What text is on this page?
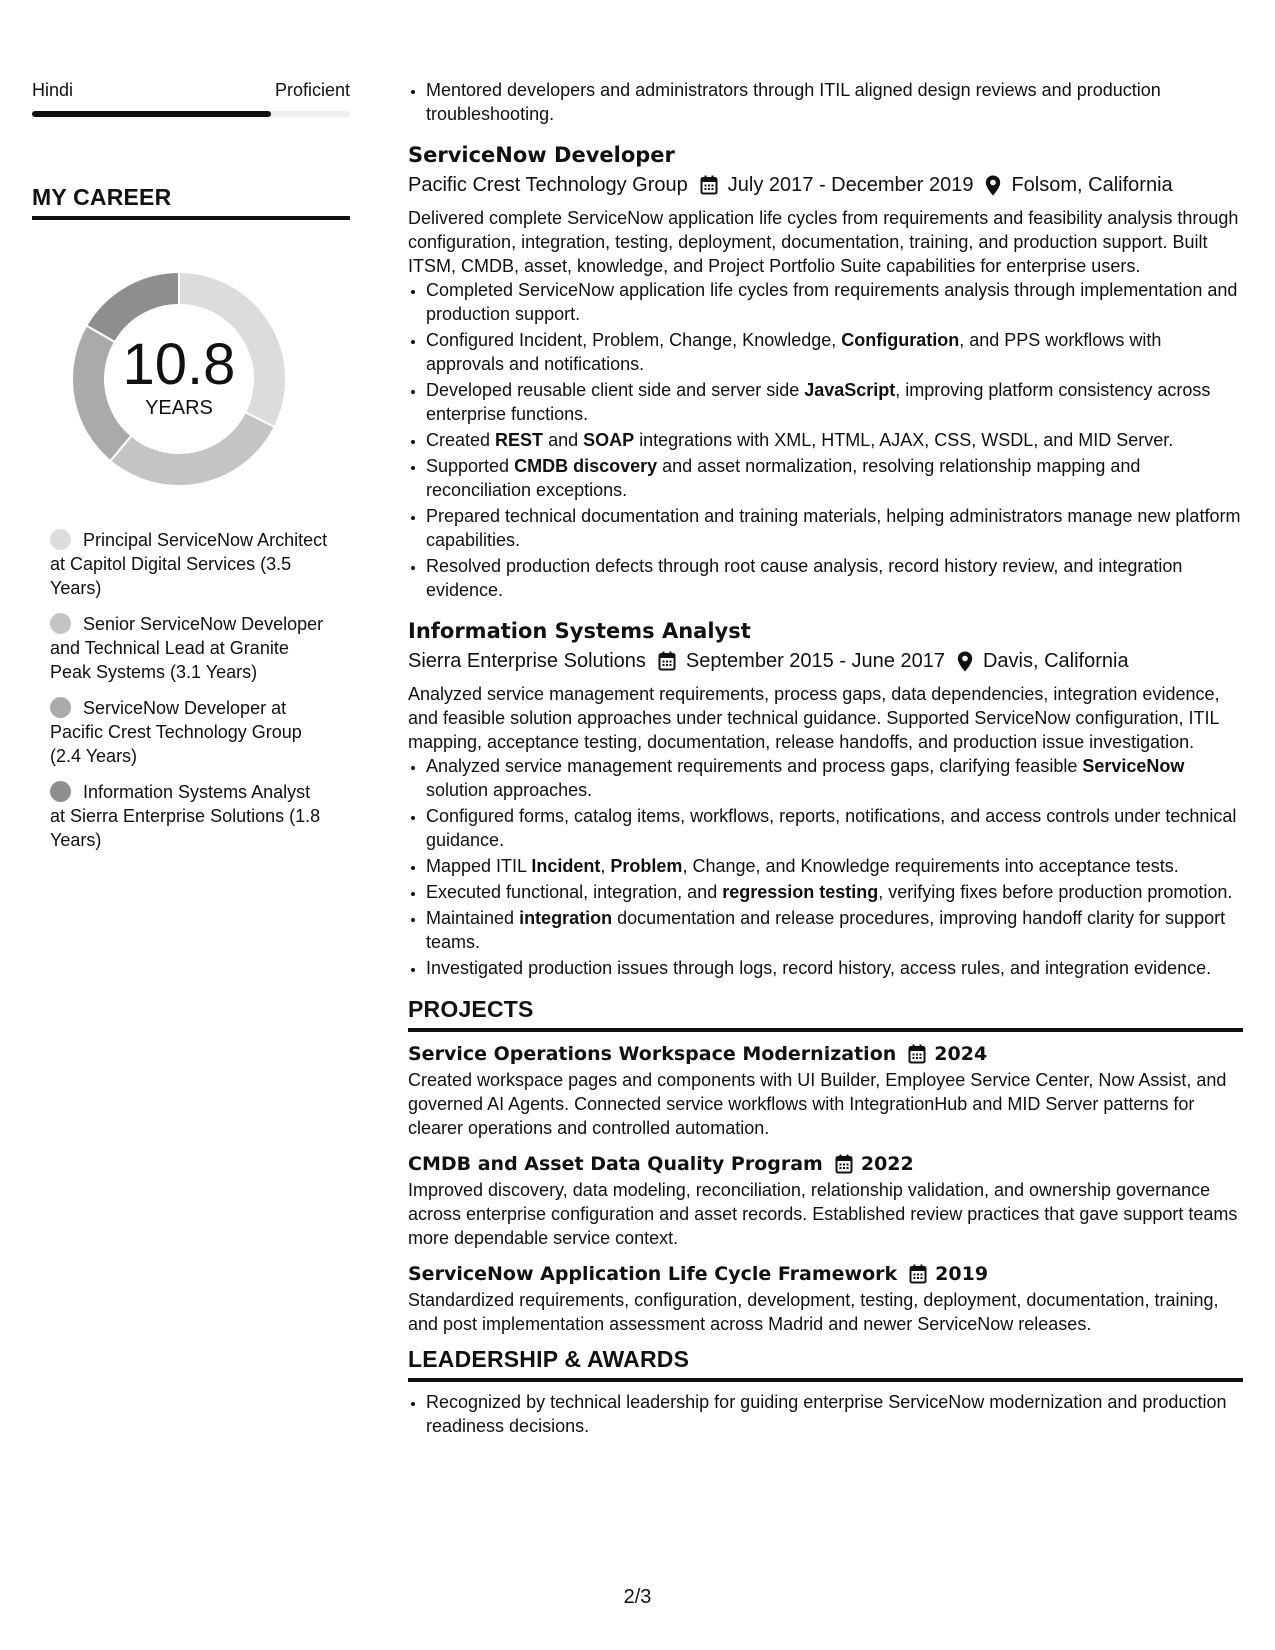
Hindi	Proficient
MY CAREER
10.8
YEARS
Principal ServiceNow Architect at Capitol Digital Services (3.5 Years)
Senior ServiceNow Developer and Technical Lead at Granite Peak Systems (3.1 Years)
ServiceNow Developer at Pacific Crest Technology Group (2.4 Years)
Information Systems Analyst at Sierra Enterprise Solutions (1.8 Years)
• Mentored developers and administrators through ITIL aligned design reviews and production troubleshooting.
ServiceNow Developer
Pacific Crest Technology Group July 2017 - December 2019 Folsom, California
Delivered complete ServiceNow application life cycles from requirements and feasibility analysis through configuration, integration, testing, deployment, documentation, training, and production support. Built ITSM, CMDB, asset, knowledge, and Project Portfolio Suite capabilities for enterprise users.
• Completed ServiceNow application life cycles from requirements analysis through implementation and production support.
• Configured Incident, Problem, Change, Knowledge, Configuration, and PPS workflows with approvals and notifications.
• Developed reusable client side and server side JavaScript, improving platform consistency across enterprise functions.
• Created REST and SOAP integrations with XML, HTML, AJAX, CSS, WSDL, and MID Server.
• Supported CMDB discovery and asset normalization, resolving relationship mapping and reconciliation exceptions.
• Prepared technical documentation and training materials, helping administrators manage new platform capabilities.
• Resolved production defects through root cause analysis, record history review, and integration evidence.
Information Systems Analyst
Sierra Enterprise Solutions September 2015 - June 2017 Davis, California
Analyzed service management requirements, process gaps, data dependencies, integration evidence, and feasible solution approaches under technical guidance. Supported ServiceNow configuration, ITIL mapping, acceptance testing, documentation, release handoffs, and production issue investigation.
• Analyzed service management requirements and process gaps, clarifying feasible ServiceNow solution approaches.
• Configured forms, catalog items, workflows, reports, notifications, and access controls under technical guidance.
• Mapped ITIL Incident, Problem, Change, and Knowledge requirements into acceptance tests.
• Executed functional, integration, and regression testing, verifying fixes before production promotion.
• Maintained integration documentation and release procedures, improving handoff clarity for support teams.
• Investigated production issues through logs, record history, access rules, and integration evidence.
PROJECTS
Service Operations Workspace Modernization 2024
Created workspace pages and components with UI Builder, Employee Service Center, Now Assist, and governed AI Agents. Connected service workflows with IntegrationHub and MID Server patterns for clearer operations and controlled automation.
CMDB and Asset Data Quality Program 2022
Improved discovery, data modeling, reconciliation, relationship validation, and ownership governance across enterprise configuration and asset records. Established review practices that gave support teams more dependable service context.
ServiceNow Application Life Cycle Framework 2019
Standardized requirements, configuration, development, testing, deployment, documentation, training, and post implementation assessment across Madrid and newer ServiceNow releases.
LEADERSHIP & AWARDS
• Recognized by technical leadership for guiding enterprise ServiceNow modernization and production readiness decisions.
2/3
